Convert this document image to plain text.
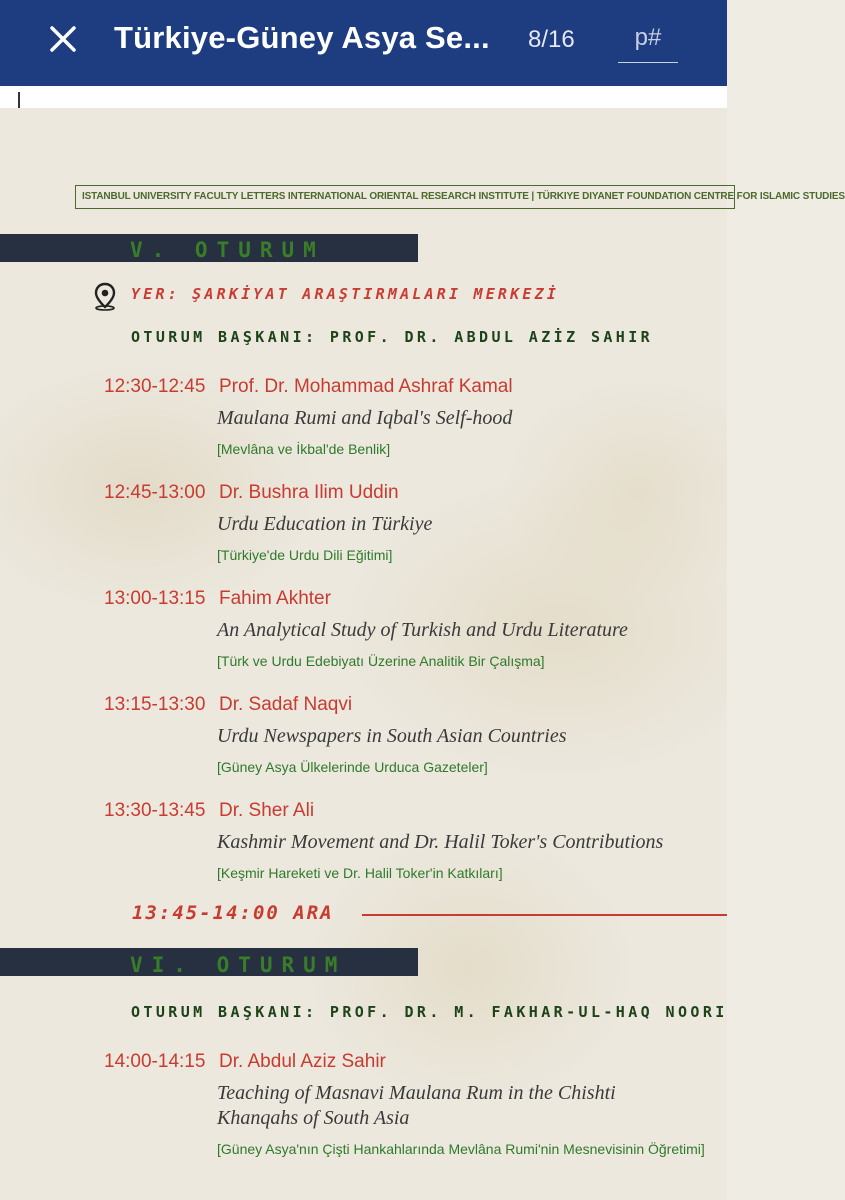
Türkiye-Güney Asya Se...	8/16	p#
ISTANBUL UNIVERSITY FACULTY LETTERS INTERNATIONAL ORIENTAL RESEARCH INSTITUTE | TÜRKIYE DIYANET FOUNDATION CENTRE FOR ISLAMIC STUDIES
V. OTURUM
YER: ŞARKİYAT ARAŞTIRMALARI MERKEZİ
OTURUM BAŞKANI: PROF. DR. ABDUL AZİZ SAHIR
12:30-12:45 Prof. Dr. Mohammad Ashraf Kamal
Maulana Rumi and Iqbal's Self-hood
[Mevlâna ve İkbal'de Benlik]
12:45-13:00 Dr. Bushra Ilim Uddin
Urdu Education in Türkiye
[Türkiye'de Urdu Dili Eğitimi]
13:00-13:15 Fahim Akhter
An Analytical Study of Turkish and Urdu Literature
[Türk ve Urdu Edebiyatı Üzerine Analitik Bir Çalışma]
13:15-13:30 Dr. Sadaf Naqvi
Urdu Newspapers in South Asian Countries
[Güney Asya Ülkelerinde Urduca Gazeteler]
13:30-13:45 Dr. Sher Ali
Kashmir Movement and Dr. Halil Toker's Contributions
[Keşmir Hareketi ve Dr. Halil Toker'in Katkıları]
13:45-14:00 ARA
VI. OTURUM
OTURUM BAŞKANI: PROF. DR. M. FAKHAR-UL-HAQ NOORI
14:00-14:15 Dr. Abdul Aziz Sahir
Teaching of Masnavi Maulana Rum in the Chishti Khanqahs of South Asia
[Güney Asya'nın Çişti Hankahlarında Mevlâna Rumi'nin Mesnevisinin Öğretimi]
